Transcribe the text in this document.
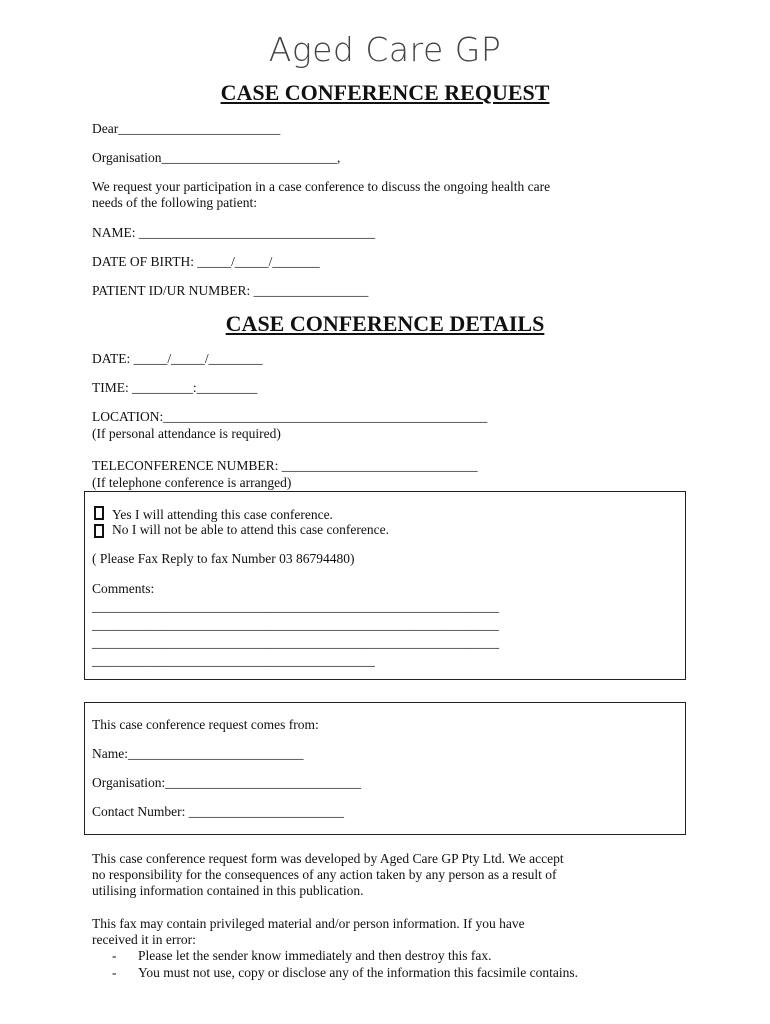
Aged Care GP
CASE CONFERENCE REQUEST
Dear________________________
Organisation__________________________,
We request your participation in a case conference to discuss the ongoing health care
needs of the following patient:
NAME: ___________________________________
DATE OF BIRTH: _____/_____/_______
PATIENT ID/UR NUMBER: _________________
CASE CONFERENCE DETAILS
DATE: _____/_____/________
TIME: _________:_________
LOCATION:________________________________________________
(If personal attendance is required)
TELECONFERENCE NUMBER: _____________________________
(If telephone conference is arranged)
Yes I will attending this case conference.
No I will not be able to attend this case conference.
( Please Fax Reply to fax Number 03 86794480)
Comments:
___________________________________________________________
___________________________________________________________
___________________________________________________________
_________________________________________
This case conference request comes from:
Name:__________________________
Organisation:_____________________________
Contact Number: _______________________
This case conference request form was developed by Aged Care GP Pty Ltd. We accept
no responsibility for the consequences of any action taken by any person as a result of
utilising information contained in this publication.
This fax may contain privileged material and/or person information. If you have
received it in error:
- Please let the sender know immediately and then destroy this fax.
- You must not use, copy or disclose any of the information this facsimile contains.
